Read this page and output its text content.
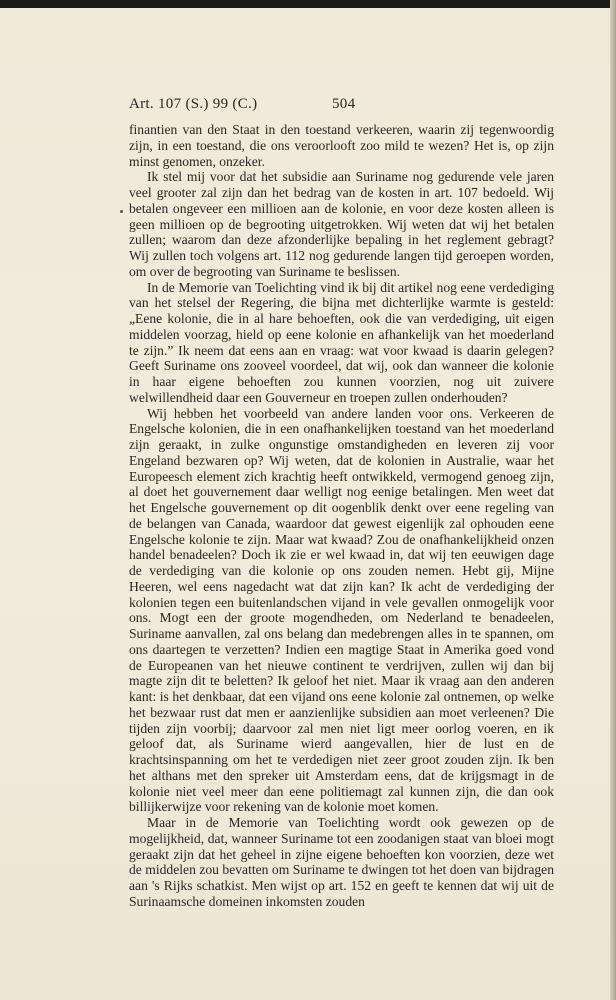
Art. 107 (S.) 99 (C.)	504

finantien van den Staat in den toestand verkeeren, waarin zij tegenwoordig zijn, in een toestand, die ons veroorlooft zoo mild te wezen? Het is, op zijn minst genomen, onzeker.

Ik stel mij voor dat het subsidie aan Suriname nog gedurende vele jaren veel grooter zal zijn dan het bedrag van de kosten in art. 107 bedoeld. Wij betalen ongeveer een millioen aan de kolonie, en voor deze kosten alleen is geen millioen op de begrooting uitgetrokken. Wij weten dat wij het betalen zullen; waarom dan deze afzonderlijke bepaling in het reglement gebragt? Wij zullen toch volgens art. 112 nog gedurende langen tijd geroepen worden, om over de begrooting van Suriname te beslissen.

In de Memorie van Toelichting vind ik bij dit artikel nog eene verdediging van het stelsel der Regering, die bijna met dichterlijke warmte is gesteld: „Eene kolonie, die in al hare behoeften, ook die van verdediging, uit eigen middelen voorzag, hield op eene kolonie en afhankelijk van het moederland te zijn.” Ik neem dat eens aan en vraag: wat voor kwaad is daarin gelegen? Geeft Suriname ons zooveel voordeel, dat wij, ook dan wanneer die kolonie in haar eigene behoeften zou kunnen voorzien, nog uit zuivere welwillendheid daar een Gouverneur en troepen zullen onderhouden?

Wij hebben het voorbeeld van andere landen voor ons. Verkeeren de Engelsche kolonien, die in een onafhankelijken toestand van het moederland zijn geraakt, in zulke ongunstige omstandigheden en leveren zij voor Engeland bezwaren op? Wij weten, dat de kolonien in Australie, waar het Europeesch element zich krachtig heeft ontwikkeld, vermogend genoeg zijn, al doet het gouvernement daar welligt nog eenige betalingen. Men weet dat het Engelsche gouvernement op dit oogenblik denkt over eene regeling van de belangen van Canada, waardoor dat gewest eigenlijk zal ophouden eene Engelsche kolonie te zijn. Maar wat kwaad? Zou de onafhankelijkheid onzen handel benadeelen? Doch ik zie er wel kwaad in, dat wij ten eeuwigen dage de verdediging van die kolonie op ons zouden nemen. Hebt gij, Mijne Heeren, wel eens nagedacht wat dat zijn kan? Ik acht de verdediging der kolonien tegen een buitenlandschen vijand in vele gevallen onmogelijk voor ons. Mogt een der groote mogendheden, om Nederland te benadeelen, Suriname aanvallen, zal ons belang dan medebrengen alles in te spannen, om ons daartegen te verzetten? Indien een magtige Staat in Amerika goed vond de Europeanen van het nieuwe continent te verdrijven, zullen wij dan bij magte zijn dit te beletten? Ik geloof het niet. Maar ik vraag aan den anderen kant: is het denkbaar, dat een vijand ons eene kolonie zal ontnemen, op welke het bezwaar rust dat men er aanzienlijke subsidien aan moet verleenen? Die tijden zijn voorbij; daarvoor zal men niet ligt meer oorlog voeren, en ik geloof dat, als Suriname wierd aangevallen, hier de lust en de krachtsinspanning om het te verdedigen niet zeer groot zouden zijn. Ik ben het althans met den spreker uit Amsterdam eens, dat de krijgsmagt in de kolonie niet veel meer dan eene politiemagt zal kunnen zijn, die dan ook billijkerwijze voor rekening van de kolonie moet komen.

Maar in de Memorie van Toelichting wordt ook gewezen op de mogelijkheid, dat, wanneer Suriname tot een zoodanigen staat van bloei mogt geraakt zijn dat het geheel in zijne eigene behoeften kon voorzien, deze wet de middelen zou bevatten om Suriname te dwingen tot het doen van bijdragen aan 's Rijks schatkist. Men wijst op art. 152 en geeft te kennen dat wij uit de Surinaamsche domeinen inkomsten zouden
